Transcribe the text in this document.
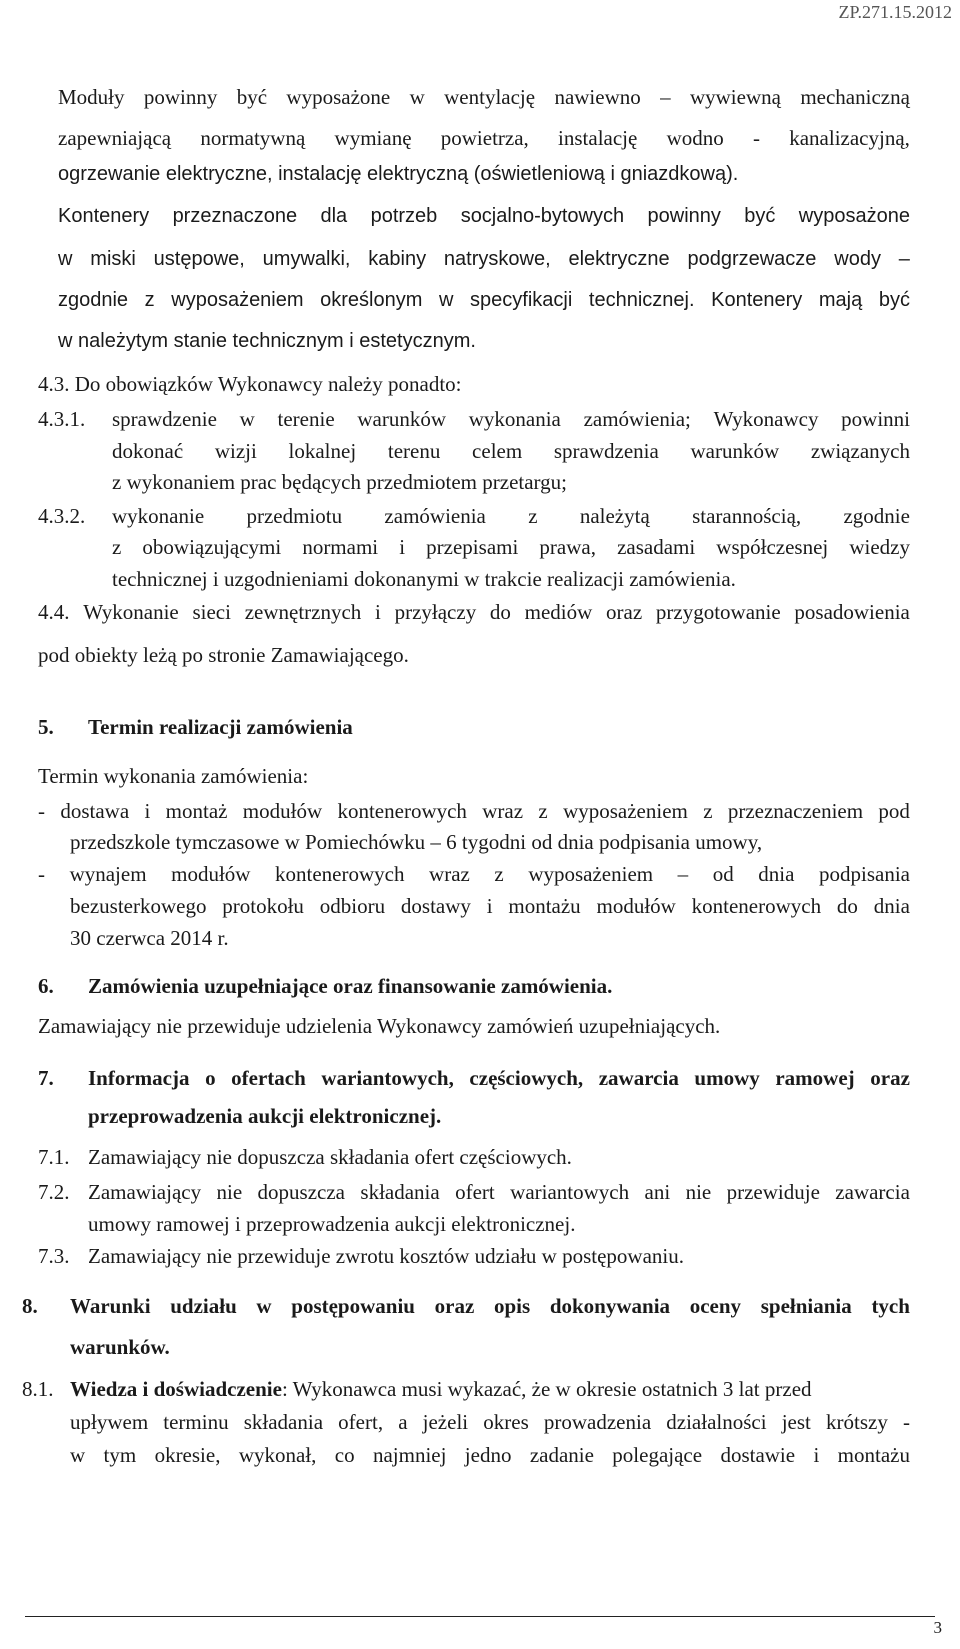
ZP.271.15.2012
Moduły powinny być wyposażone w wentylację nawiewno – wywiewną mechaniczną
zapewniającą normatywną wymianę powietrza, instalację wodno - kanalizacyjną,
ogrzewanie elektryczne, instalację elektryczną (oświetleniową i gniazdkową).
Kontenery przeznaczone dla potrzeb socjalno-bytowych powinny być wyposażone
w miski ustępowe, umywalki, kabiny natryskowe, elektryczne podgrzewacze wody –
zgodnie z wyposażeniem określonym w specyfikacji technicznej. Kontenery mają być
w należytym stanie technicznym i estetycznym.
4.3. Do obowiązków Wykonawcy należy ponadto:
4.3.1. sprawdzenie w terenie warunków wykonania zamówienia; Wykonawcy powinni
dokonać wizji lokalnej terenu celem sprawdzenia warunków związanych
z wykonaniem prac będących przedmiotem przetargu;
4.3.2. wykonanie przedmiotu zamówienia z należytą starannością, zgodnie
z obowiązującymi normami i przepisami prawa, zasadami współczesnej wiedzy
technicznej i uzgodnieniami dokonanymi w trakcie realizacji zamówienia.
4.4. Wykonanie sieci zewnętrznych i przyłączy do mediów oraz przygotowanie posadowienia
pod obiekty leżą po stronie Zamawiającego.
5. Termin realizacji zamówienia
Termin wykonania zamówienia:
- dostawa i montaż modułów kontenerowych wraz z wyposażeniem z przeznaczeniem pod
przedszkole tymczasowe w Pomiechówku – 6 tygodni od dnia podpisania umowy,
- wynajem modułów kontenerowych wraz z wyposażeniem – od dnia podpisania
bezusterkowego protokołu odbioru dostawy i montażu modułów kontenerowych do dnia
30 czerwca 2014 r.
6. Zamówienia uzupełniające oraz finansowanie zamówienia.
Zamawiający nie przewiduje udzielenia Wykonawcy zamówień uzupełniających.
7. Informacja o ofertach wariantowych, częściowych, zawarcia umowy ramowej oraz
przeprowadzenia aukcji elektronicznej.
7.1. Zamawiający nie dopuszcza składania ofert częściowych.
7.2. Zamawiający nie dopuszcza składania ofert wariantowych ani nie przewiduje zawarcia
umowy ramowej i przeprowadzenia aukcji elektronicznej.
7.3. Zamawiający nie przewiduje zwrotu kosztów udziału w postępowaniu.
8. Warunki udziału w postępowaniu oraz opis dokonywania oceny spełniania tych
warunków.
8.1. Wiedza i doświadczenie: Wykonawca musi wykazać, że w okresie ostatnich 3 lat przed
upływem terminu składania ofert, a jeżeli okres prowadzenia działalności jest krótszy -
w tym okresie, wykonał, co najmniej jedno zadanie polegające dostawie i montażu
3
